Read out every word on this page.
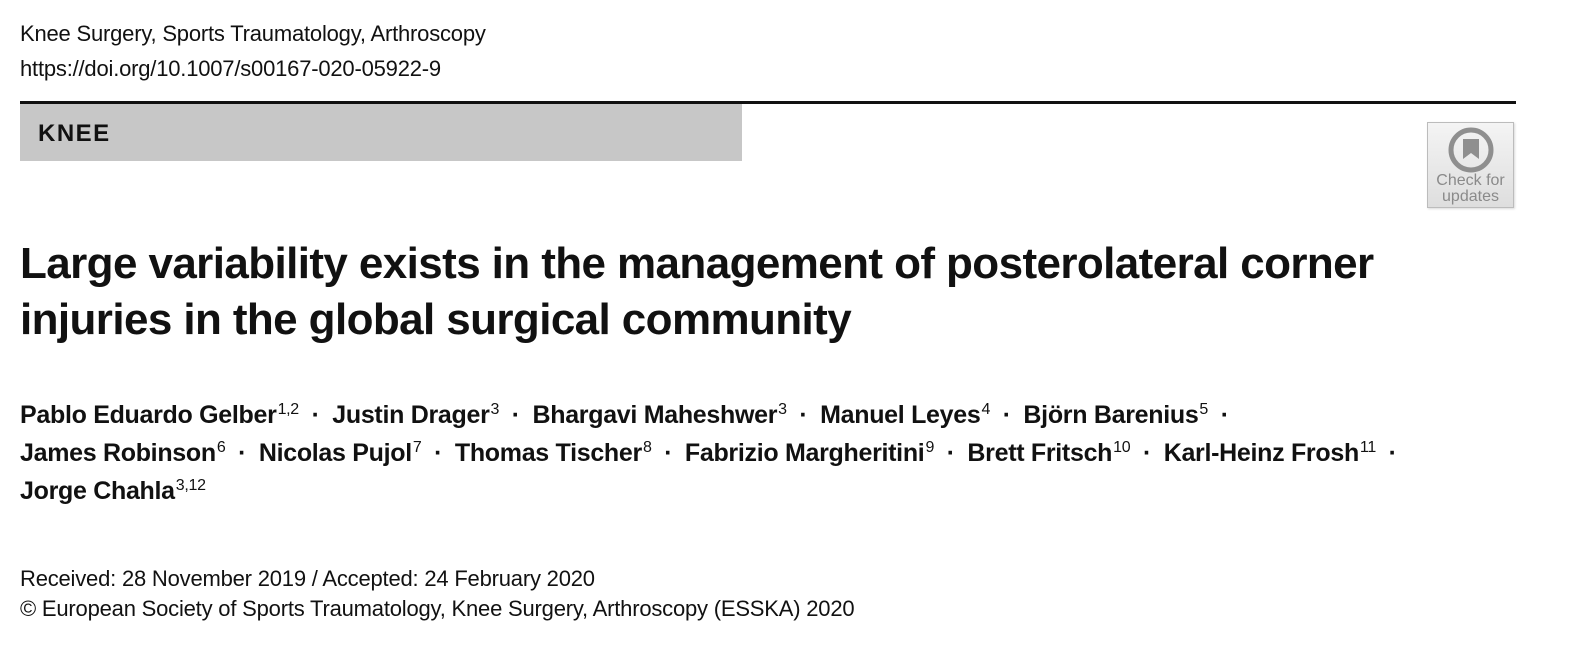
Knee Surgery, Sports Traumatology, Arthroscopy
https://doi.org/10.1007/s00167-020-05922-9
KNEE
Check for
updates
Large variability exists in the management of posterolateral corner injuries in the global surgical community
Pablo Eduardo Gelber$^{1,2}$ · Justin Drager$^3$ · Bhargavi Maheshwer$^3$ · Manuel Leyes$^4$ · Björn Barenius$^5$ ·
James Robinson$^6$ · Nicolas Pujol$^7$ · Thomas Tischer$^8$ · Fabrizio Margheritini$^9$ · Brett Fritsch$^{10}$ · Karl-Heinz Frosh$^{11}$ ·
Jorge Chahla$^{3,12}$
Received: 28 November 2019 / Accepted: 24 February 2020
© European Society of Sports Traumatology, Knee Surgery, Arthroscopy (ESSKA) 2020
